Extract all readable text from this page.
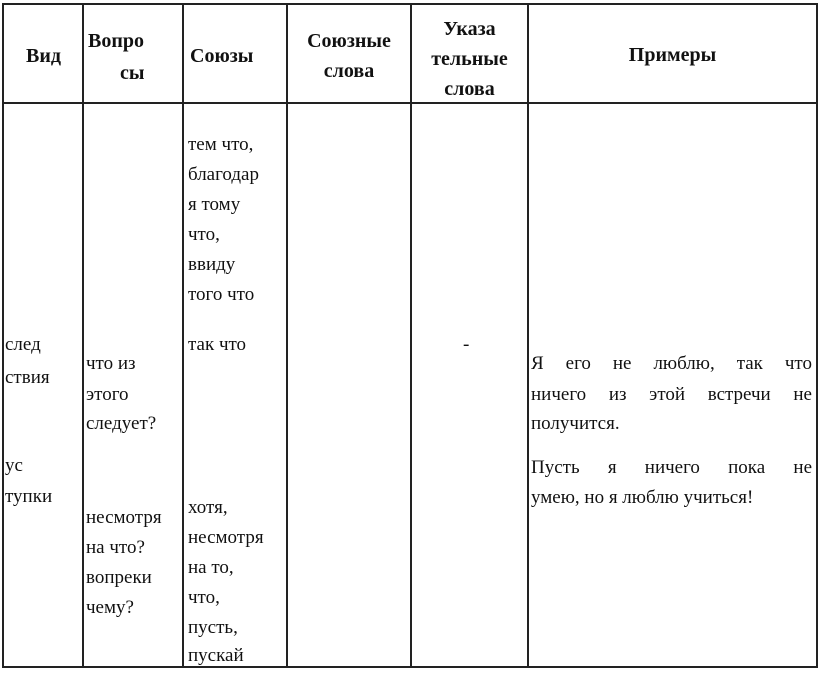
Вид
Вопро
сы
Союзы
Союзные
слова
Указа
тельные
слова
Примеры
след
ствия
ус
тупки
что из
этого
следует?
несмотря
на что?
вопреки
чему?
тем что,
благодар
я тому
что,
ввиду
того что
так что
хотя,
несмотря
на то,
что,
пусть,
пускай
-
Я его не люблю, так что
ничего из этой встречи не
получится.
Пусть я ничего пока не
умею, но я люблю учиться!
